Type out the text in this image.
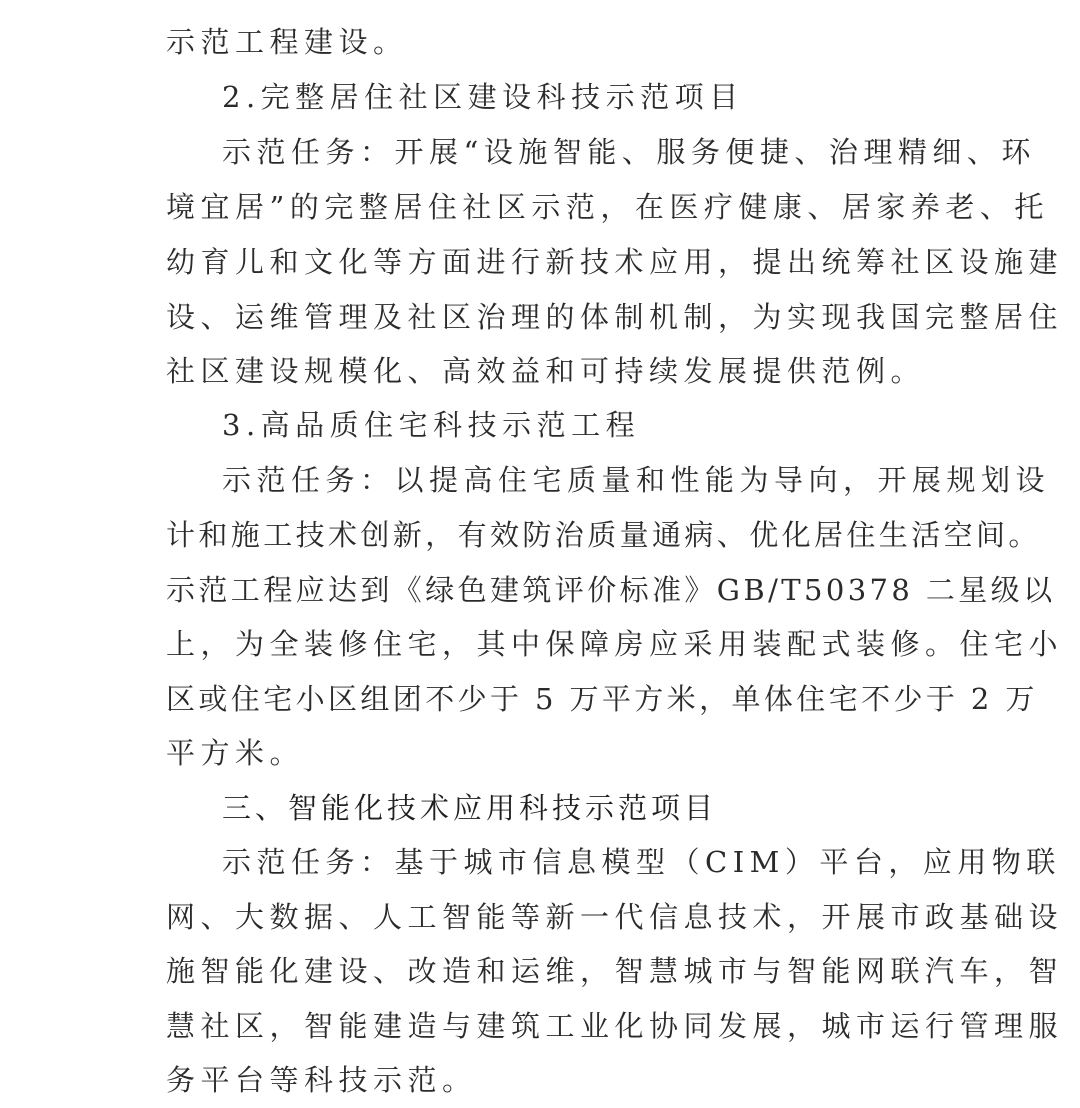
示范工程建设。
2.完整居住社区建设科技示范项目
示范任务：开展“设施智能、服务便捷、治理精细、环
境宜居”的完整居住社区示范，在医疗健康、居家养老、托
幼育儿和文化等方面进行新技术应用，提出统筹社区设施建
设、运维管理及社区治理的体制机制，为实现我国完整居住
社区建设规模化、高效益和可持续发展提供范例。
3.高品质住宅科技示范工程
示范任务：以提高住宅质量和性能为导向，开展规划设
计和施工技术创新，有效防治质量通病、优化居住生活空间。
示范工程应达到《绿色建筑评价标准》GB/T50378 二星级以
上，为全装修住宅，其中保障房应采用装配式装修。住宅小
区或住宅小区组团不少于 5 万平方米，单体住宅不少于 2 万
平方米。
三、智能化技术应用科技示范项目
示范任务：基于城市信息模型（CIM）平台，应用物联
网、大数据、人工智能等新一代信息技术，开展市政基础设
施智能化建设、改造和运维，智慧城市与智能网联汽车，智
慧社区，智能建造与建筑工业化协同发展，城市运行管理服
务平台等科技示范。
